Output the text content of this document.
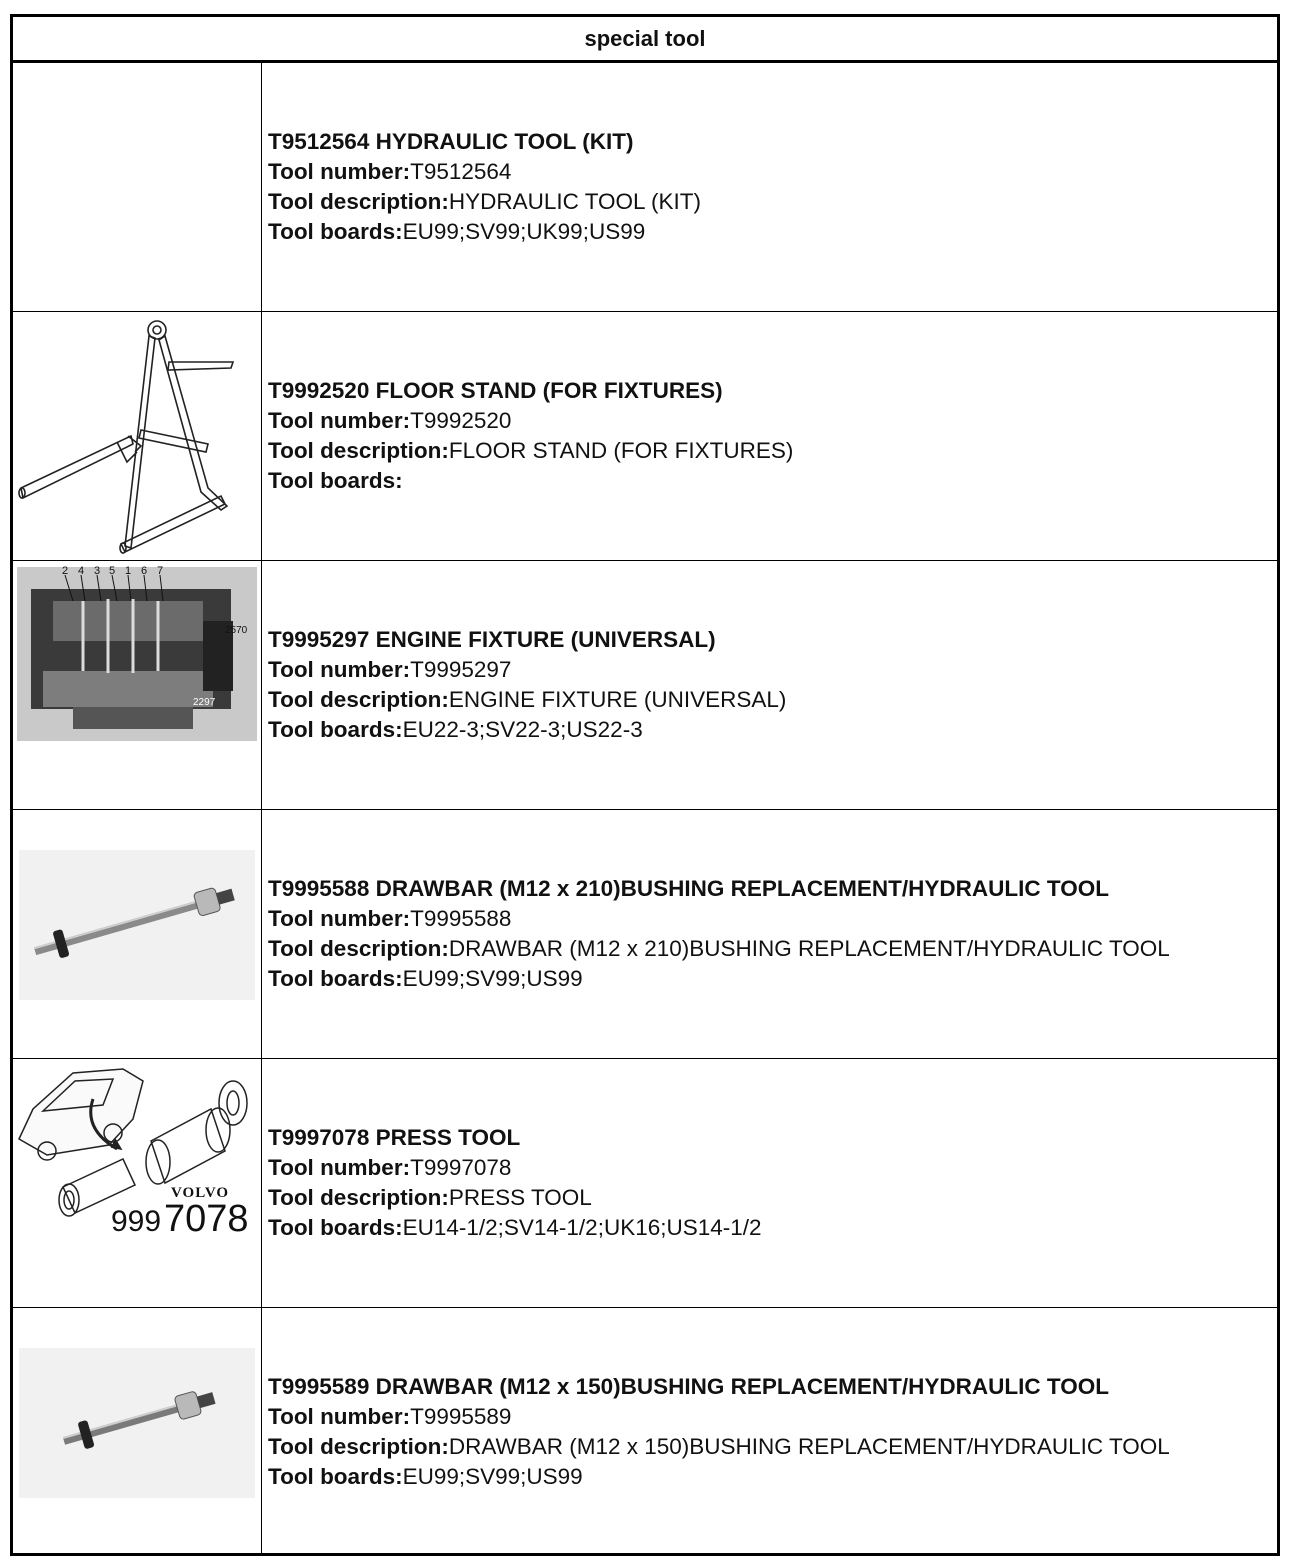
special tool
T9512564 HYDRAULIC TOOL (KIT)
Tool number:T9512564
Tool description:HYDRAULIC TOOL (KIT)
Tool boards:EU99;SV99;UK99;US99
T9992520 FLOOR STAND (FOR FIXTURES)
Tool number:T9992520
Tool description:FLOOR STAND (FOR FIXTURES)
Tool boards:
2 4 3 5 1 6 7
2570
2297
T9995297 ENGINE FIXTURE (UNIVERSAL)
Tool number:T9995297
Tool description:ENGINE FIXTURE (UNIVERSAL)
Tool boards:EU22-3;SV22-3;US22-3
T9995588 DRAWBAR (M12 x 210)BUSHING REPLACEMENT/HYDRAULIC TOOL
Tool number:T9995588
Tool description:DRAWBAR (M12 x 210)BUSHING REPLACEMENT/HYDRAULIC TOOL
Tool boards:EU99;SV99;US99
VOLVO
999 7078
T9997078 PRESS TOOL
Tool number:T9997078
Tool description:PRESS TOOL
Tool boards:EU14-1/2;SV14-1/2;UK16;US14-1/2
T9995589 DRAWBAR (M12 x 150)BUSHING REPLACEMENT/HYDRAULIC TOOL
Tool number:T9995589
Tool description:DRAWBAR (M12 x 150)BUSHING REPLACEMENT/HYDRAULIC TOOL
Tool boards:EU99;SV99;US99
